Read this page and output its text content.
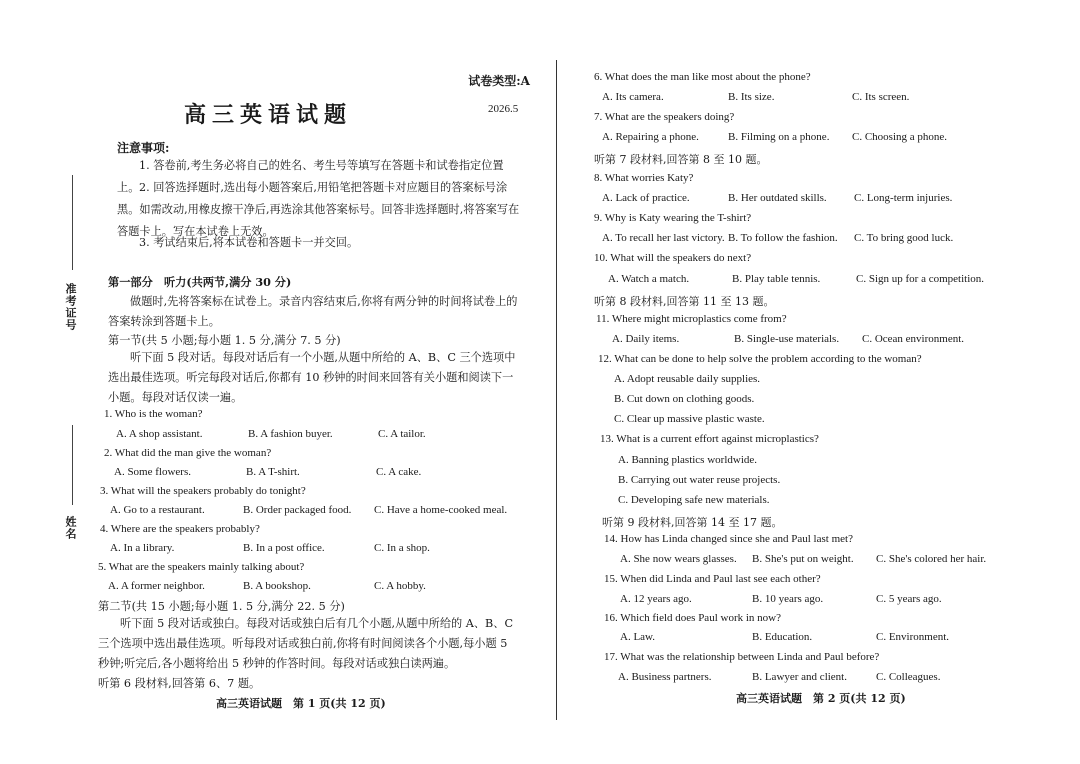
试卷类型:A
高三英语试题	2026.5
注意事项:
1. 答卷前,考生务必将自己的姓名、考生号等填写在答题卡和试卷指定位置上。 2. 回答选择题时,选出每小题答案后,用铅笔把答题卡对应题目的答案标号涂黑。如需改动,用橡皮擦干净后,再选涂其他答案标号。回答非选择题时,将答案写在答题卡上。写在本试卷上无效。
3. 考试结束后,将本试卷和答题卡一并交回。
准考证号
姓名
第一部分　听力(共两节,满分 30 分)
做题时,先将答案标在试卷上。录音内容结束后,你将有两分钟的时间将试卷上的答案转涂到答题卡上。
第一节(共 5 小题;每小题 1. 5 分,满分 7. 5 分)
听下面 5 段对话。每段对话后有一个小题,从题中所给的 A、B、C 三个选项中选出最佳选项。听完每段对话后,你都有 10 秒钟的时间来回答有关小题和阅读下一小题。每段对话仅读一遍。
1. Who is the woman?
A. A shop assistant.	B. A fashion buyer.	C. A tailor.
2. What did the man give the woman?
A. Some flowers.	B. A T-shirt.	C. A cake.
3. What will the speakers probably do tonight?
A. Go to a restaurant.	B. Order packaged food. C. Have a home-cooked meal.
4. Where are the speakers probably?
A. In a library.	B. In a post office.	C. In a shop.
5. What are the speakers mainly talking about?
A. A former neighbor.	B. A bookshop.	C. A hobby.
第二节(共 15 小题;每小题 1. 5 分,满分 22. 5 分)
听下面 5 段对话或独白。每段对话或独白后有几个小题,从题中所给的 A、B、C 三个选项中选出最佳选项。听每段对话或独白前,你将有时间阅读各个小题,每小题 5 秒钟;听完后,各小题将给出 5 秒钟的作答时间。每段对话或独白读两遍。
听第 6 段材料,回答第 6、7 题。
高三英语试题　第 1 页(共 12 页)
6. What does the man like most about the phone?
A. Its camera.	B. Its size.	C. Its screen.
7. What are the speakers doing?
A. Repairing a phone.	B. Filming on a phone. C. Choosing a phone.
听第 7 段材料,回答第 8 至 10 题。
8. What worries Katy?
A. Lack of practice.	B. Her outdated skills. C. Long-term injuries.
9. Why is Katy wearing the T-shirt?
A. To recall her last victory. B. To follow the fashion. C. To bring good luck.
10. What will the speakers do next?
A. Watch a match.	B. Play table tennis.	C. Sign up for a competition.
听第 8 段材料,回答第 11 至 13 题。
11. Where might microplastics come from?
A. Daily items.	B. Single-use materials. C. Ocean environment.
12. What can be done to help solve the problem according to the woman?
A. Adopt reusable daily supplies.
B. Cut down on clothing goods.
C. Clear up massive plastic waste.
13. What is a current effort against microplastics?
A. Banning plastics worldwide.
B. Carrying out water reuse projects.
C. Developing safe new materials.
听第 9 段材料,回答第 14 至 17 题。
14. How has Linda changed since she and Paul last met?
A. She now wears glasses. B. She's put on weight. C. She's colored her hair.
15. When did Linda and Paul last see each other?
A. 12 years ago.	B. 10 years ago.	C. 5 years ago.
16. Which field does Paul work in now?
A. Law.	B. Education.	C. Environment.
17. What was the relationship between Linda and Paul before?
A. Business partners.	B. Lawyer and client.	C. Colleagues.
高三英语试题　第 2 页(共 12 页)
